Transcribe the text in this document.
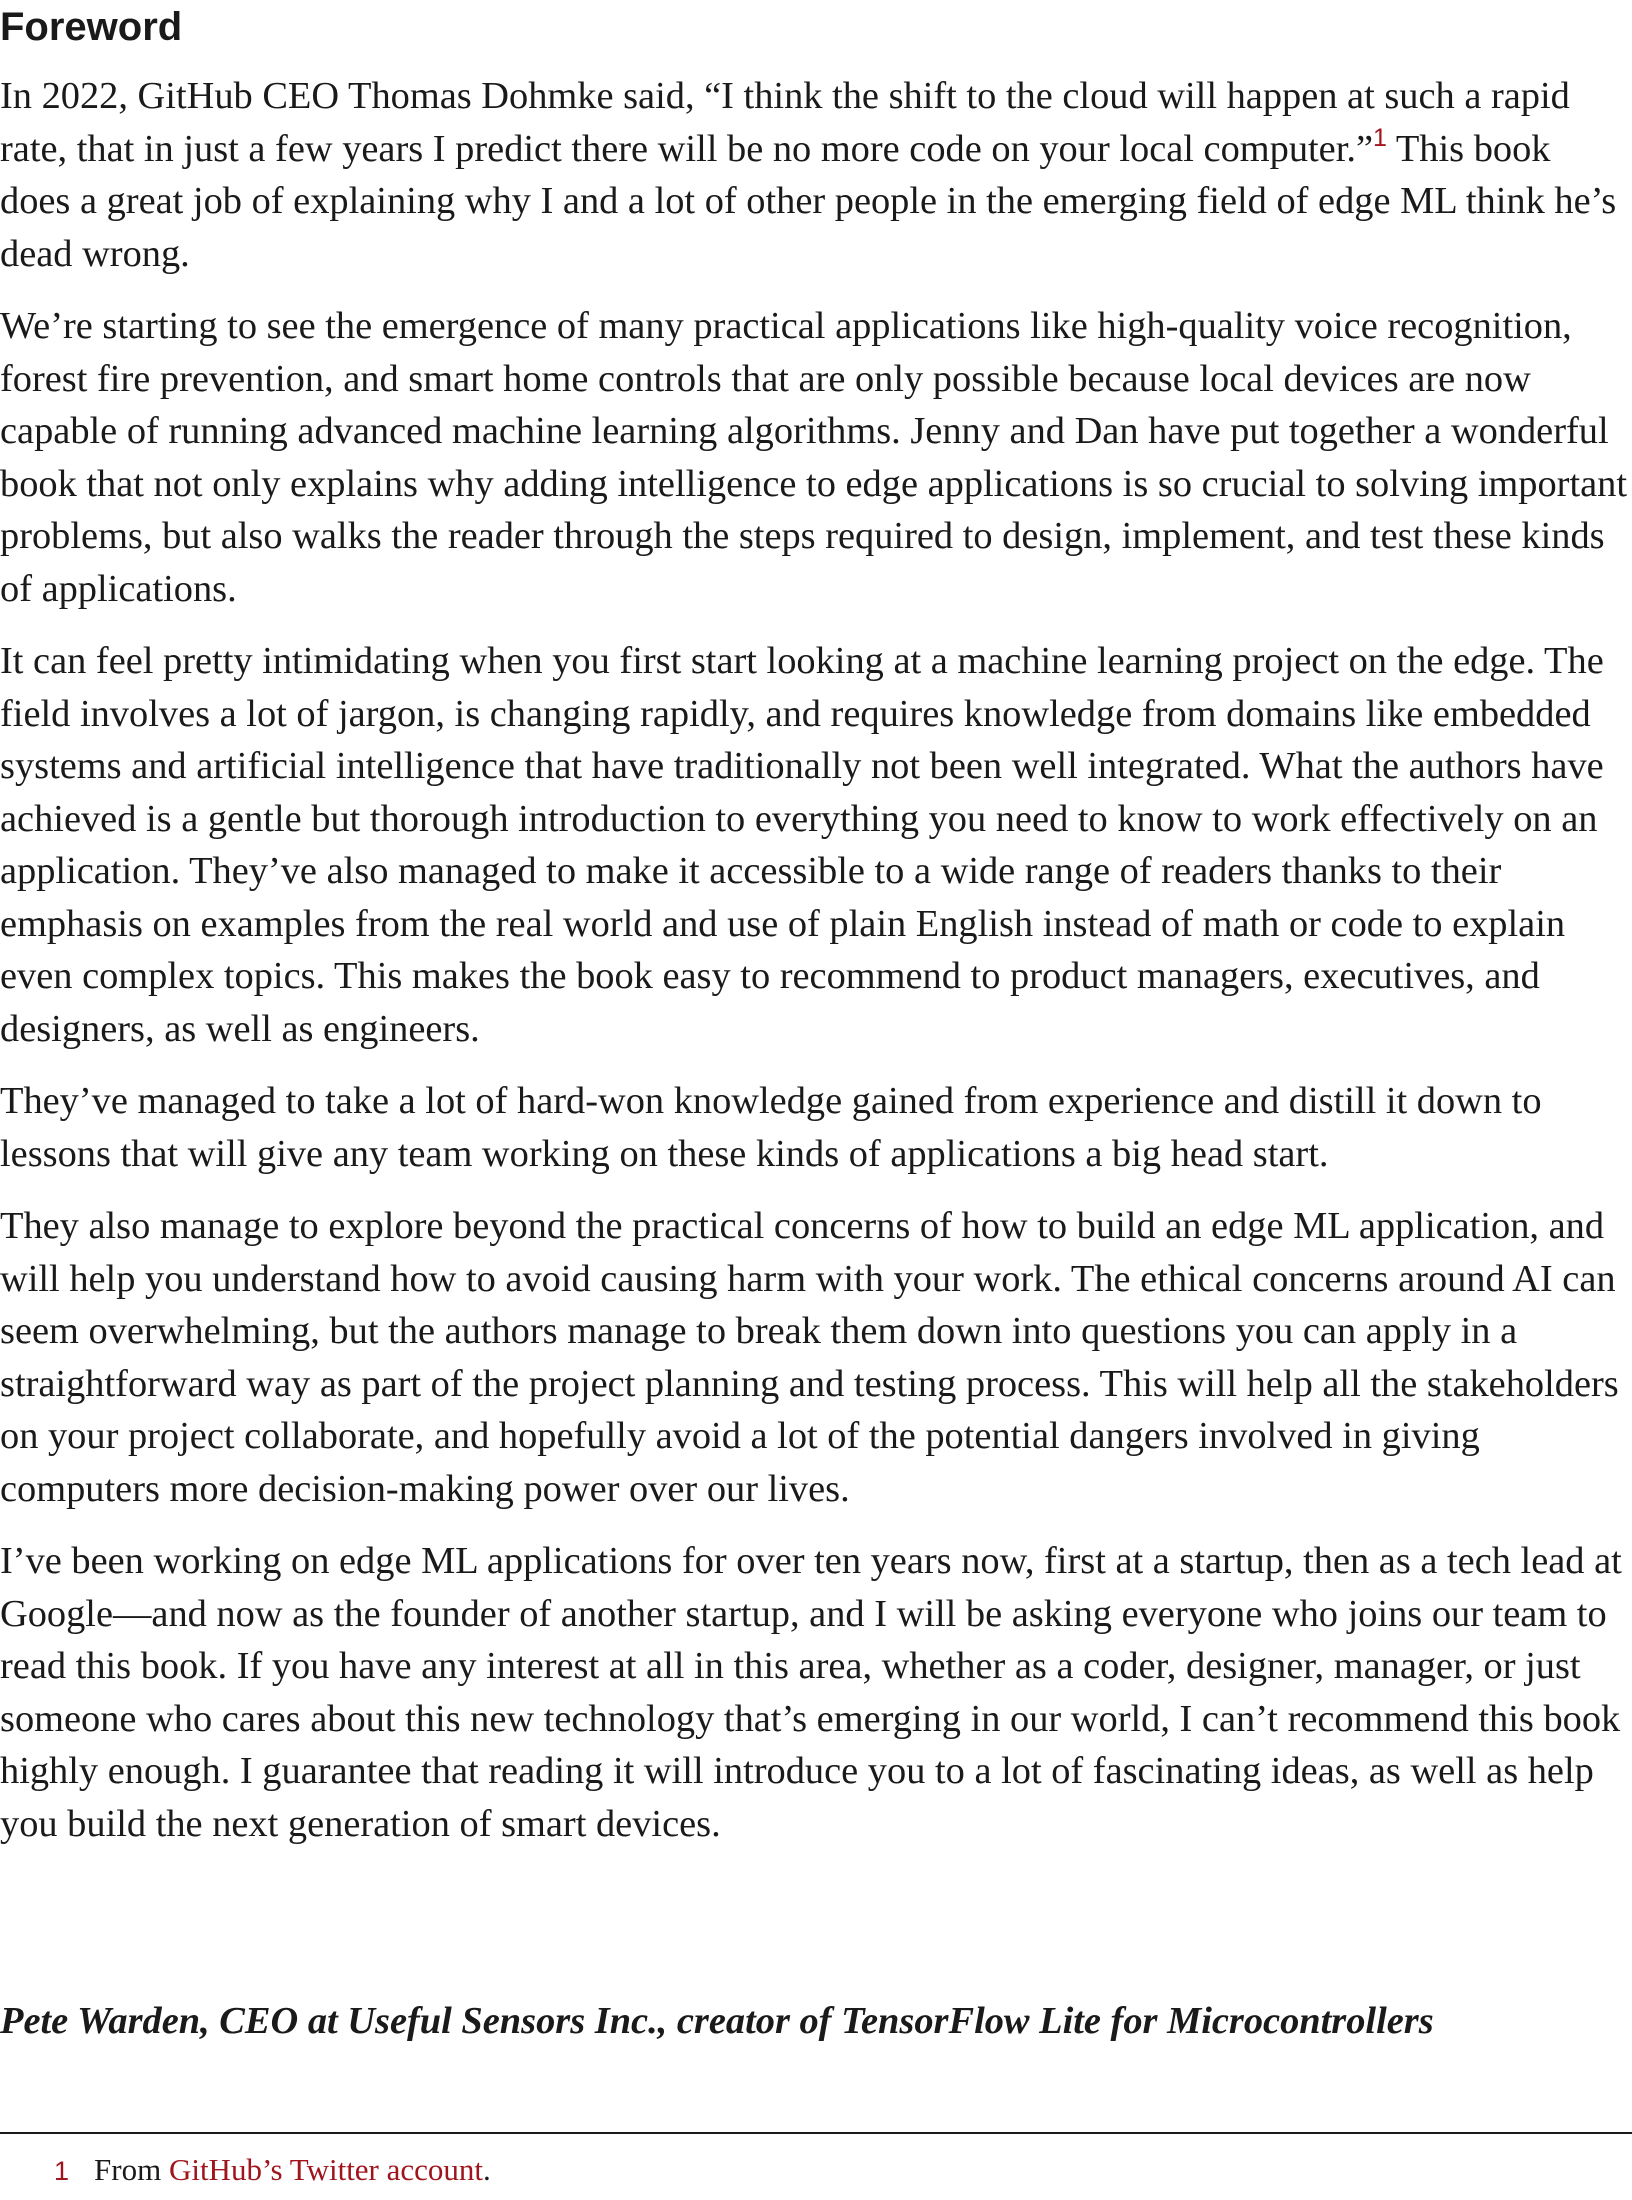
Foreword

In 2022, GitHub CEO Thomas Dohmke said, “I think the shift to the cloud will happen at such a rapid rate, that in just a few years I predict there will be no more code on your local computer.”$^1$ This book does a great job of explaining why I and a lot of other people in the emerging field of edge ML think he’s dead wrong.

We’re starting to see the emergence of many practical applications like high-quality voice recognition, forest fire prevention, and smart home controls that are only possible because local devices are now capable of running advanced machine learning algorithms. Jenny and Dan have put together a wonderful book that not only explains why adding intelligence to edge applications is so crucial to solving important problems, but also walks the reader through the steps required to design, implement, and test these kinds of applications.

It can feel pretty intimidating when you first start looking at a machine learning project on the edge. The field involves a lot of jargon, is changing rapidly, and requires knowledge from domains like embedded systems and artificial intelligence that have traditionally not been well integrated. What the authors have achieved is a gentle but thorough introduction to everything you need to know to work effectively on an application. They’ve also managed to make it accessible to a wide range of readers thanks to their emphasis on examples from the real world and use of plain English instead of math or code to explain even complex topics. This makes the book easy to recommend to product managers, executives, and designers, as well as engineers.

They’ve managed to take a lot of hard-won knowledge gained from experience and distill it down to lessons that will give any team working on these kinds of applications a big head start.

They also manage to explore beyond the practical concerns of how to build an edge ML application, and will help you understand how to avoid causing harm with your work. The ethical concerns around AI can seem overwhelming, but the authors manage to break them down into questions you can apply in a straightforward way as part of the project planning and testing process. This will help all the stakeholders on your project collaborate, and hopefully avoid a lot of the potential dangers involved in giving computers more decision-making power over our lives.

I’ve been working on edge ML applications for over ten years now, first at a startup, then as a tech lead at Google—and now as the founder of another startup, and I will be asking everyone who joins our team to read this book. If you have any interest at all in this area, whether as a coder, designer, manager, or just someone who cares about this new technology that’s emerging in our world, I can’t recommend this book highly enough. I guarantee that reading it will introduce you to a lot of fascinating ideas, as well as help you build the next generation of smart devices.

Pete Warden, CEO at Useful Sensors Inc., creator of TensorFlow Lite for Microcontrollers

1 From GitHub’s Twitter account.
